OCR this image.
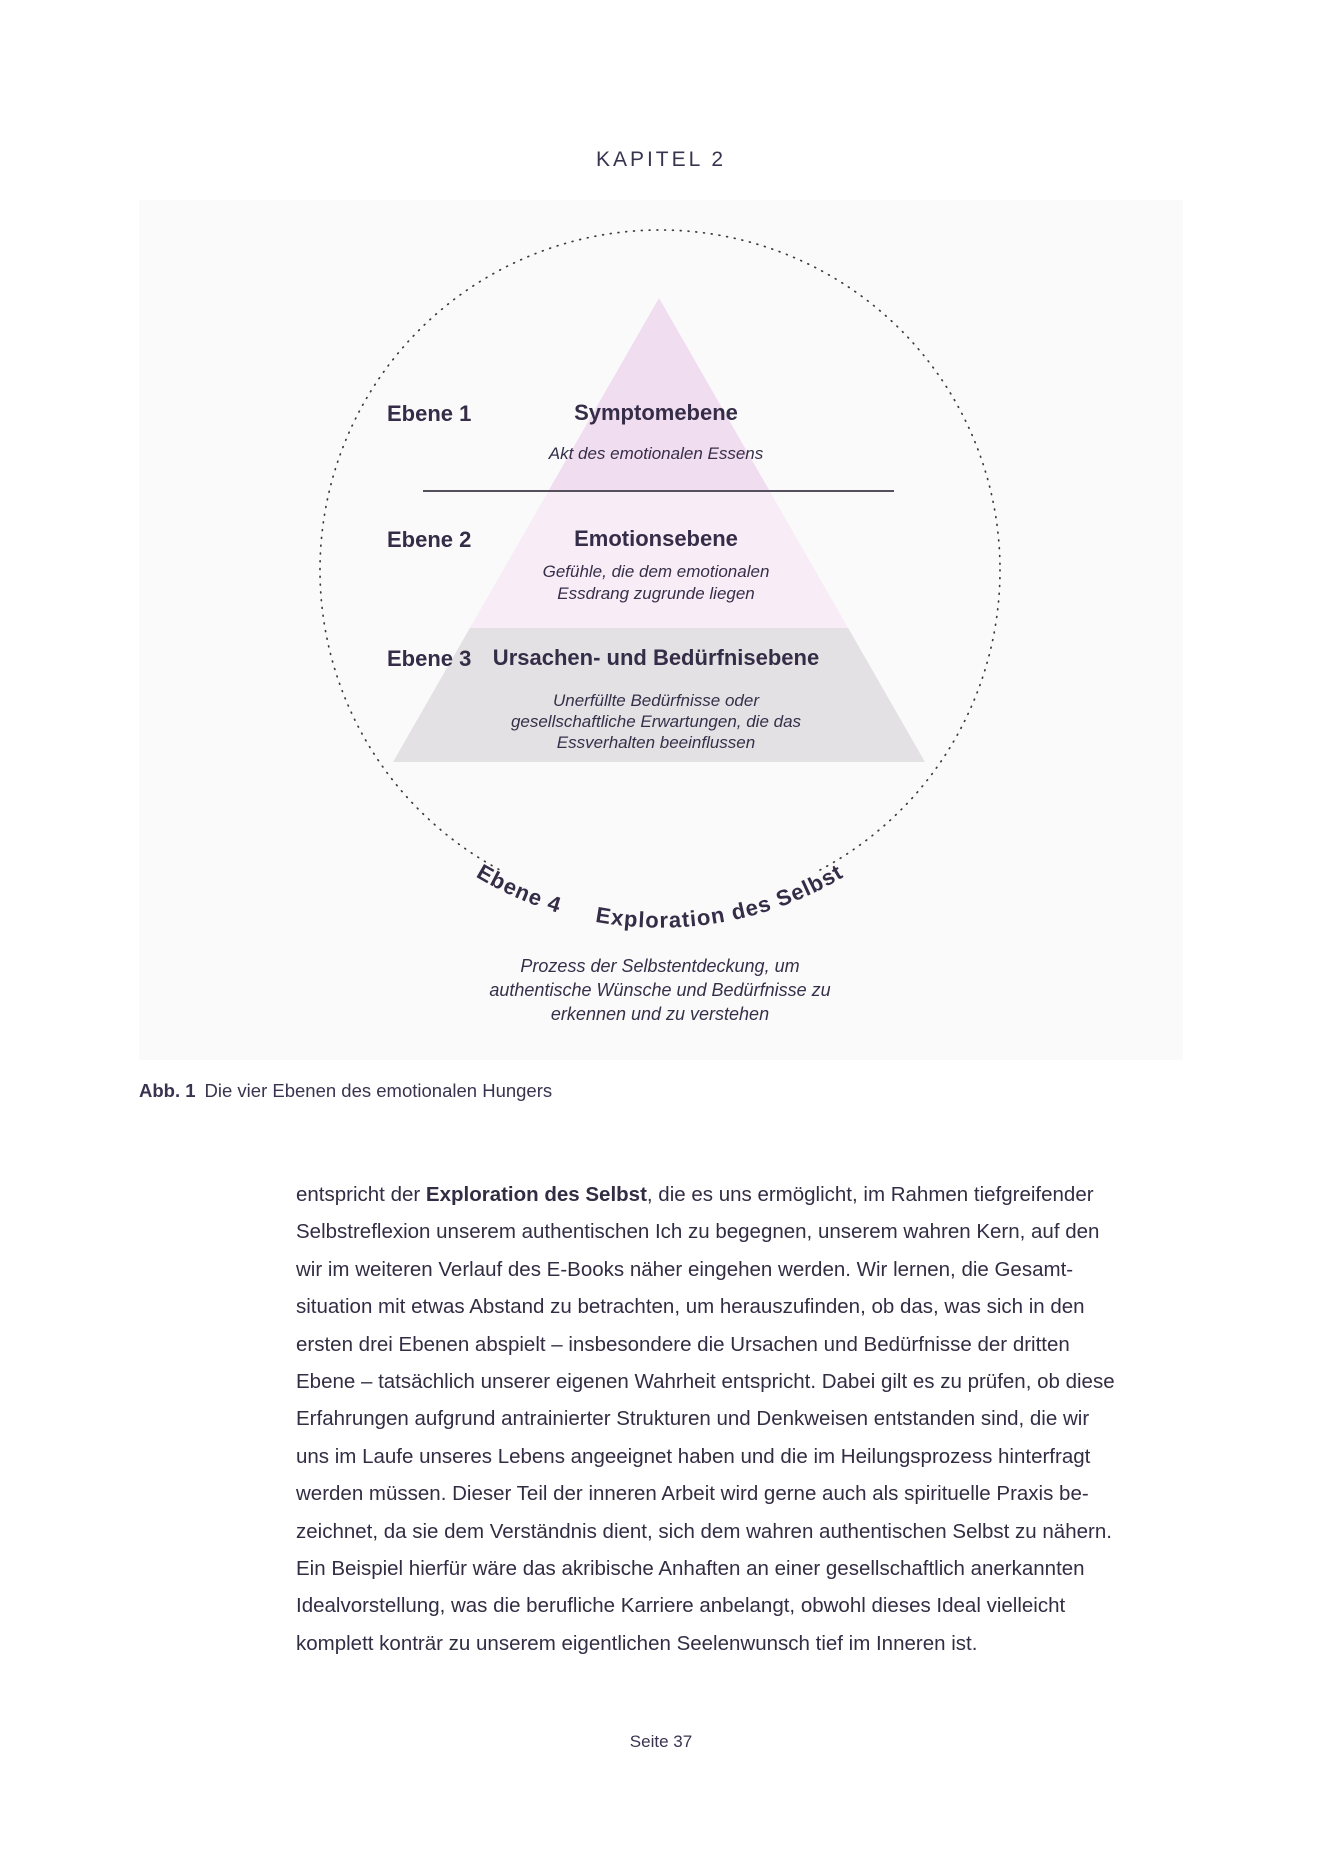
KAPITEL 2
Ebene 4 Exploration des Selbst
Ebene 1	Symptomebene
Akt des emotionalen Essens
Ebene 2	Emotionsebene
Gefühle, die dem emotionalen
Essdrang zugrunde liegen
Ebene 3 Ursachen- und Bedürfnisebene
Unerfüllte Bedürfnisse oder
gesellschaftliche Erwartungen, die das
Essverhalten beeinflussen
Prozess der Selbstentdeckung, um
authentische Wünsche und Bedürfnisse zu
erkennen und zu verstehen
Abb. 1 Die vier Ebenen des emotionalen Hungers
entspricht der Exploration des Selbst, die es uns ermöglicht, im Rahmen tiefgreifender
Selbstreflexion unserem authentischen Ich zu begegnen, unserem wahren Kern, auf den
wir im weiteren Verlauf des E-Books näher eingehen werden. Wir lernen, die Gesamt-
situation mit etwas Abstand zu betrachten, um herauszufinden, ob das, was sich in den
ersten drei Ebenen abspielt – insbesondere die Ursachen und Bedürfnisse der dritten
Ebene – tatsächlich unserer eigenen Wahrheit entspricht. Dabei gilt es zu prüfen, ob diese
Erfahrungen aufgrund antrainierter Strukturen und Denkweisen entstanden sind, die wir
uns im Laufe unseres Lebens angeeignet haben und die im Heilungsprozess hinterfragt
werden müssen. Dieser Teil der inneren Arbeit wird gerne auch als spirituelle Praxis be-
zeichnet, da sie dem Verständnis dient, sich dem wahren authentischen Selbst zu nähern.
Ein Beispiel hierfür wäre das akribische Anhaften an einer gesellschaftlich anerkannten
Idealvorstellung, was die berufliche Karriere anbelangt, obwohl dieses Ideal vielleicht
komplett konträr zu unserem eigentlichen Seelenwunsch tief im Inneren ist.
Seite 37
